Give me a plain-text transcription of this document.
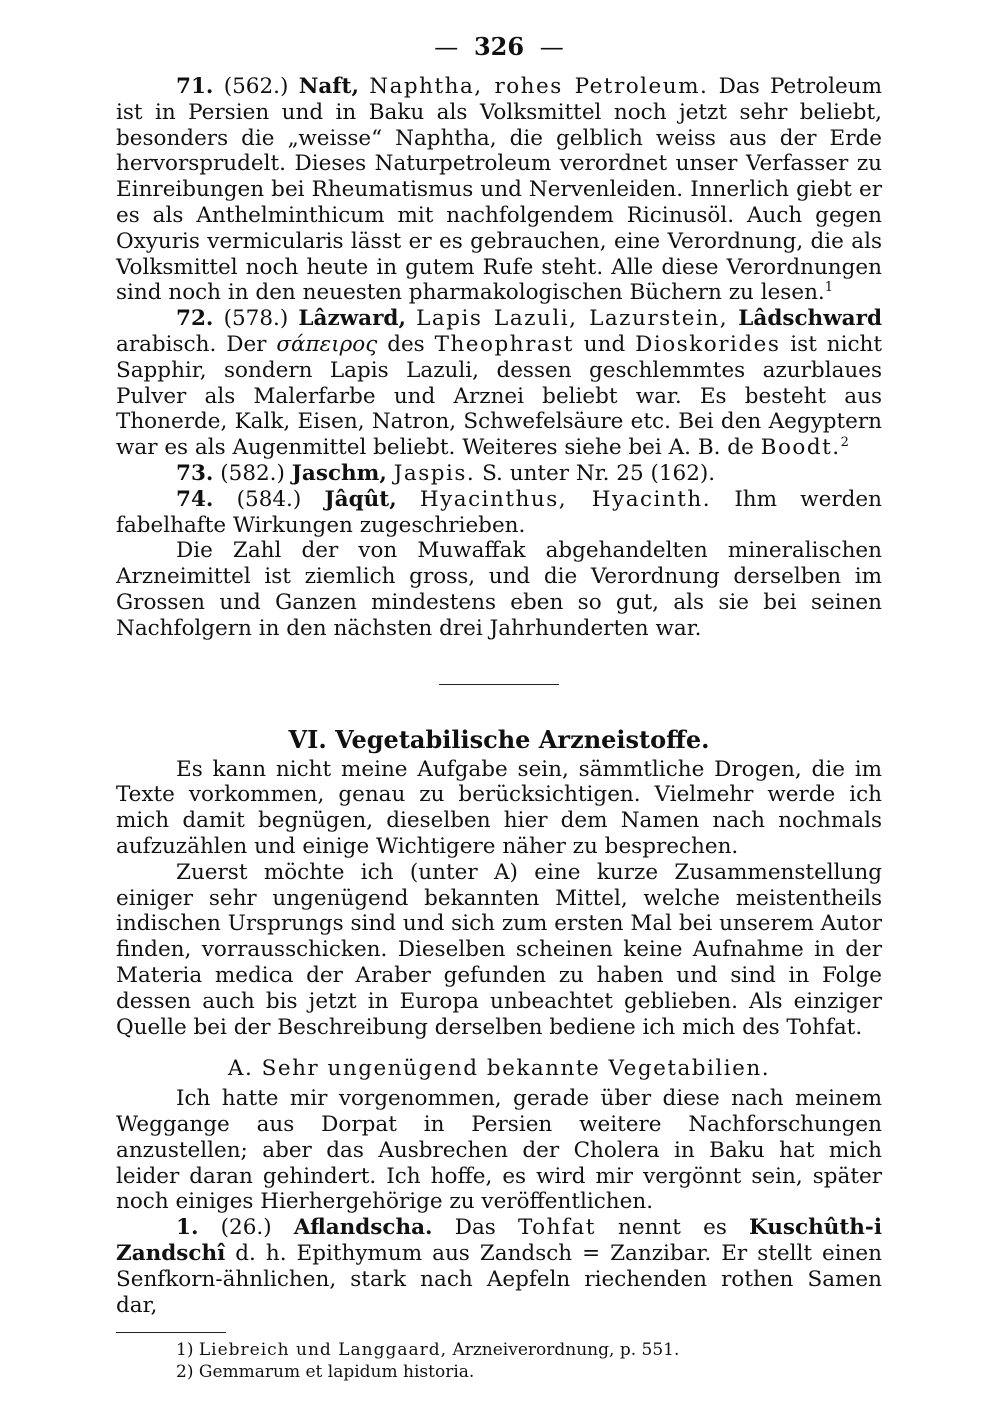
— 326 —

71. (562.) Naft, Naphtha, rohes Petroleum. Das Petroleum ist in Persien und in Baku als Volksmittel noch jetzt sehr beliebt, besonders die „weisse“ Naphtha, die gelblich weiss aus der Erde hervorsprudelt. Dieses Naturpetroleum verordnet unser Verfasser zu Einreibungen bei Rheumatismus und Nervenleiden. Innerlich giebt er es als Anthelminthicum mit nachfolgendem Ricinusöl. Auch gegen Oxyuris vermicularis lässt er es gebrauchen, eine Verordnung, die als Volksmittel noch heute in gutem Rufe steht. Alle diese Verordnungen sind noch in den neuesten pharmakologischen Büchern zu lesen.$^1$

72. (578.) Lâzward, Lapis Lazuli, Lazurstein, Lâdschward arabisch. Der σάπειρος des Theophrast und Dioskorides ist nicht Sapphir, sondern Lapis Lazuli, dessen geschlemmtes azurblaues Pulver als Malerfarbe und Arznei beliebt war. Es besteht aus Thonerde, Kalk, Eisen, Natron, Schwefelsäure etc. Bei den Aegyptern war es als Augenmittel beliebt. Weiteres siehe bei A. B. de Boodt.$^2$

73. (582.) Jaschm, Jaspis. S. unter Nr. 25 (162).

74. (584.) Jâqût, Hyacinthus, Hyacinth. Ihm werden fabelhafte Wirkungen zugeschrieben.

Die Zahl der von Muwaffak abgehandelten mineralischen Arzneimittel ist ziemlich gross, und die Verordnung derselben im Grossen und Ganzen mindestens eben so gut, als sie bei seinen Nachfolgern in den nächsten drei Jahrhunderten war.

VI. Vegetabilische Arzneistoffe.

Es kann nicht meine Aufgabe sein, sämmtliche Drogen, die im Texte vorkommen, genau zu berücksichtigen. Vielmehr werde ich mich damit begnügen, dieselben hier dem Namen nach nochmals aufzuzählen und einige Wichtigere näher zu besprechen.

Zuerst möchte ich (unter A) eine kurze Zusammenstellung einiger sehr ungenügend bekannten Mittel, welche meistentheils indischen Ursprungs sind und sich zum ersten Mal bei unserem Autor finden, vorrausschicken. Dieselben scheinen keine Aufnahme in der Materia medica der Araber gefunden zu haben und sind in Folge dessen auch bis jetzt in Europa unbeachtet geblieben. Als einziger Quelle bei der Beschreibung derselben bediene ich mich des Tohfat.

A. Sehr ungenügend bekannte Vegetabilien.

Ich hatte mir vorgenommen, gerade über diese nach meinem Weggange aus Dorpat in Persien weitere Nachforschungen anzustellen; aber das Ausbrechen der Cholera in Baku hat mich leider daran gehindert. Ich hoffe, es wird mir vergönnt sein, später noch einiges Hierhergehörige zu veröffentlichen.

1. (26.) Aflandscha. Das Tohfat nennt es Kuschûth-i Zandschî d. h. Epithymum aus Zandsch = Zanzibar. Er stellt einen Senfkorn-ähnlichen, stark nach Aepfeln riechenden rothen Samen dar,

1) Liebreich und Langgaard, Arzneiverordnung, p. 551.

2) Gemmarum et lapidum historia.
